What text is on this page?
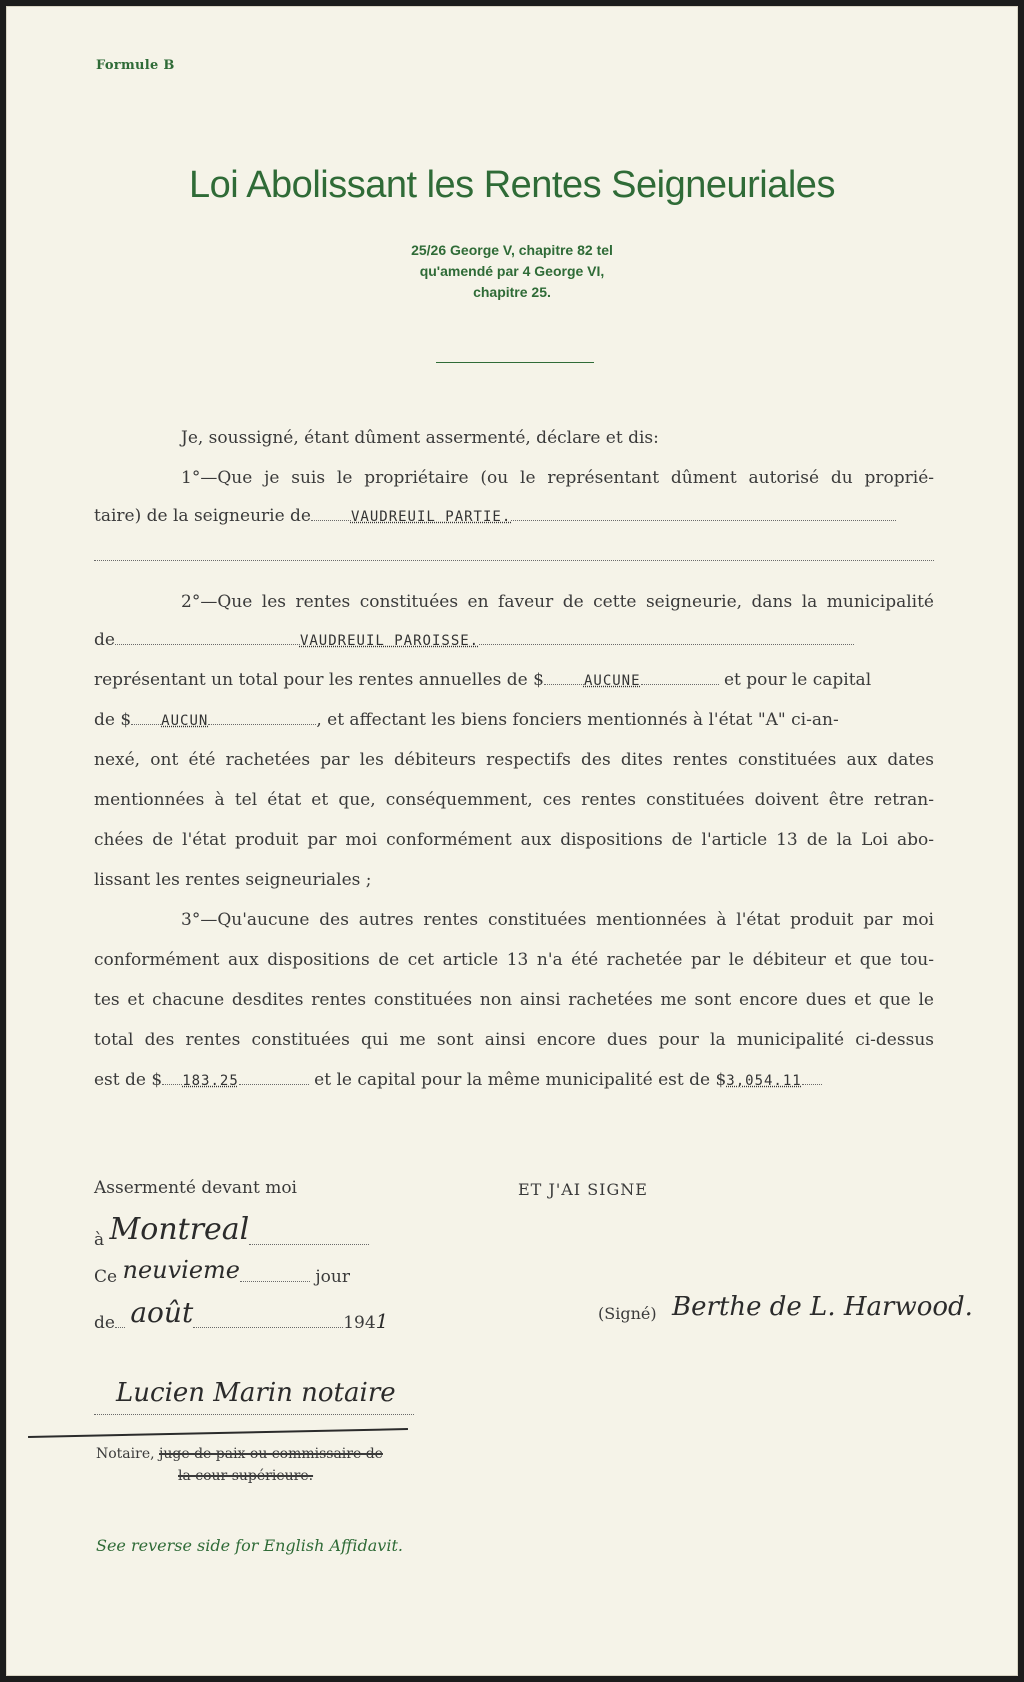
Formule B
Loi Abolissant les Rentes Seigneuriales
25/26 George V, chapitre 82 tel
qu'amendé par 4 George VI,
chapitre 25.
Je, soussigné, étant dûment assermenté, déclare et dis:
1°—Que je suis le propriétaire (ou le représentant dûment autorisé du proprié-
taire) de la seigneurie de	VAUDREUIL PARTIE.
2°—Que les rentes constituées en faveur de cette seigneurie, dans la municipalité
de	VAUDREUIL PAROISSE.
représentant un total pour les rentes annuelles de $	AUCUNE	et pour le capital
de $ AUCUN	, et affectant les biens fonciers mentionnés à l'état "A" ci-an-
nexé, ont été rachetées par les débiteurs respectifs des dites rentes constituées aux dates
mentionnées à tel état et que, conséquemment, ces rentes constituées doivent être retran-
chées de l'état produit par moi conformément aux dispositions de l'article 13 de la Loi abo-
lissant les rentes seigneuriales ;
3°—Qu'aucune des autres rentes constituées mentionnées à l'état produit par moi
conformément aux dispositions de cet article 13 n'a été rachetée par le débiteur et que tou-
tes et chacune desdites rentes constituées non ainsi rachetées me sont encore dues et que le
total des rentes constituées qui me sont ainsi encore dues pour la municipalité ci-dessus
est de $ 183.25	et le capital pour la même municipalité est de $3,054.11
Assermenté devant moi
à Montreal
Ce neuvieme	jour
de août	1941
Lucien Marin notaire
Notaire, juge de paix ou commissaire de
la cour supérieure.
ET J'AI SIGNE
(Signé) Berthe de L. Harwood.
See reverse side for English Affidavit.
